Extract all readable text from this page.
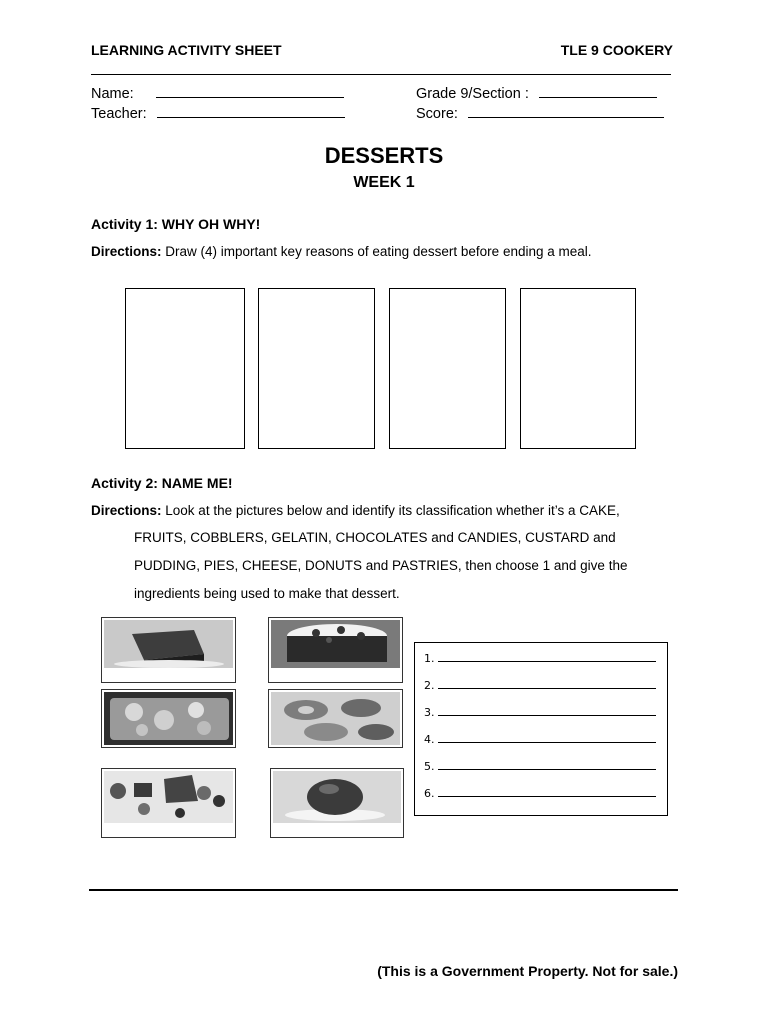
LEARNING ACTIVITY SHEET	TLE 9 COOKERY
Name:
Teacher:
Grade 9/Section :
Score:
DESSERTS
WEEK 1
Activity 1: WHY OH WHY!
Directions: Draw (4) important key reasons of eating dessert before ending a meal.
Activity 2: NAME ME!
Directions: Look at the pictures below and identify its classification whether it’s a CAKE,
FRUITS, COBBLERS, GELATIN, CHOCOLATES and CANDIES, CUSTARD and
PUDDING, PIES, CHEESE, DONUTS and PASTRIES, then choose 1 and give the
ingredients being used to make that dessert.
1.
2.
3.
4.
5.
6.
(This is a Government Property. Not for sale.)
